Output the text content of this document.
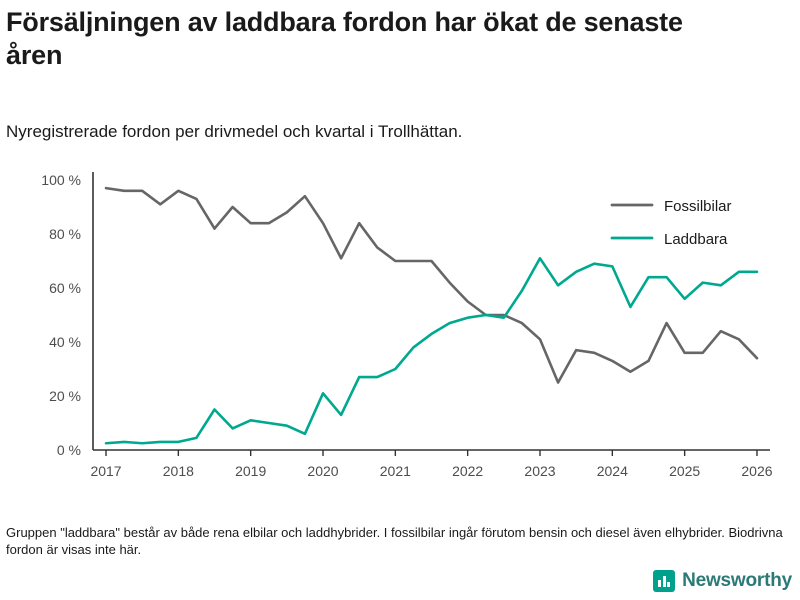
Försäljningen av laddbara fordon har ökat de senaste åren
Nyregistrerade fordon per drivmedel och kvartal i Trollhättan.
0 %
20 %
40 %
60 %
80 %
100 %
2017	2018	2019	2020	2021	2022	2023	2024	2025	2026
Fossilbilar
Laddbara
Gruppen "laddbara" består av både rena elbilar och laddhybrider. I fossilbilar ingår förutom bensin och diesel även elhybrider. Biodrivna fordon är visas inte här.
Newsworthy
